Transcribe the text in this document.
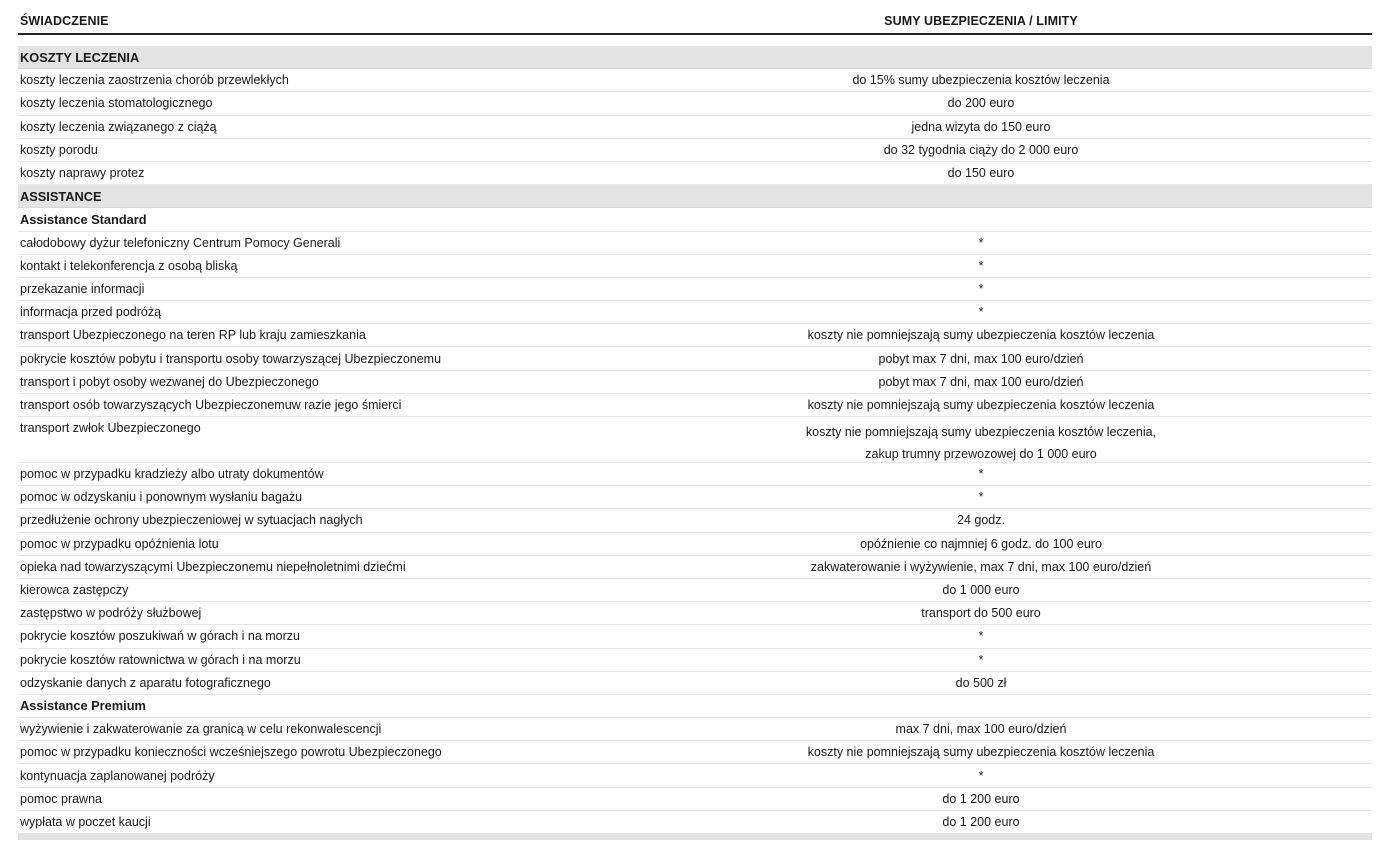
ŚWIADCZENIE	SUMY UBEZPIECZENIA / LIMITY
KOSZTY LECZENIA
koszty leczenia zaostrzenia chorób przewlekłych	do 15% sumy ubezpieczenia kosztów leczenia
koszty leczenia stomatologicznego	do 200 euro
koszty leczenia związanego z ciążą	jedna wizyta do 150 euro
koszty porodu	do 32 tygodnia ciąży do 2 000 euro
koszty naprawy protez	do 150 euro
ASSISTANCE
Assistance Standard
całodobowy dyżur telefoniczny Centrum Pomocy Generali	*
kontakt i telekonferencja z osobą bliską	*
przekazanie informacji	*
informacja przed podróżą	*
transport Ubezpieczonego na teren RP lub kraju zamieszkania	koszty nie pomniejszają sumy ubezpieczenia kosztów leczenia
pokrycie kosztów pobytu i transportu osoby towarzyszącej Ubezpieczonemu	pobyt max 7 dni, max 100 euro/dzień
transport i pobyt osoby wezwanej do Ubezpieczonego	pobyt max 7 dni, max 100 euro/dzień
transport osób towarzyszących Ubezpieczonemuw razie jego śmierci	koszty nie pomniejszają sumy ubezpieczenia kosztów leczenia
transport zwłok Ubezpieczonego	koszty nie pomniejszają sumy ubezpieczenia kosztów leczenia,
zakup trumny przewozowej do 1 000 euro
pomoc w przypadku kradzieży albo utraty dokumentów	*
pomoc w odzyskaniu i ponownym wysłaniu bagażu	*
przedłużenie ochrony ubezpieczeniowej w sytuacjach nagłych	24 godz.
pomoc w przypadku opóźnienia lotu	opóźnienie co najmniej 6 godz. do 100 euro
opieka nad towarzyszącymi Ubezpieczonemu niepełnoletnimi dziećmi	zakwaterowanie i wyżywienie, max 7 dni, max 100 euro/dzień
kierowca zastępczy	do 1 000 euro
zastępstwo w podróży służbowej	transport do 500 euro
pokrycie kosztów poszukiwań w górach i na morzu	*
pokrycie kosztów ratownictwa w górach i na morzu	*
odzyskanie danych z aparatu fotograficznego	do 500 zł
Assistance Premium
wyżywienie i zakwaterowanie za granicą w celu rekonwalescencji	max 7 dni, max 100 euro/dzień
pomoc w przypadku konieczności wcześniejszego powrotu Ubezpieczonego	koszty nie pomniejszają sumy ubezpieczenia kosztów leczenia
kontynuacja zaplanowanej podróży	*
pomoc prawna	do 1 200 euro
wypłata w poczet kaucji	do 1 200 euro
